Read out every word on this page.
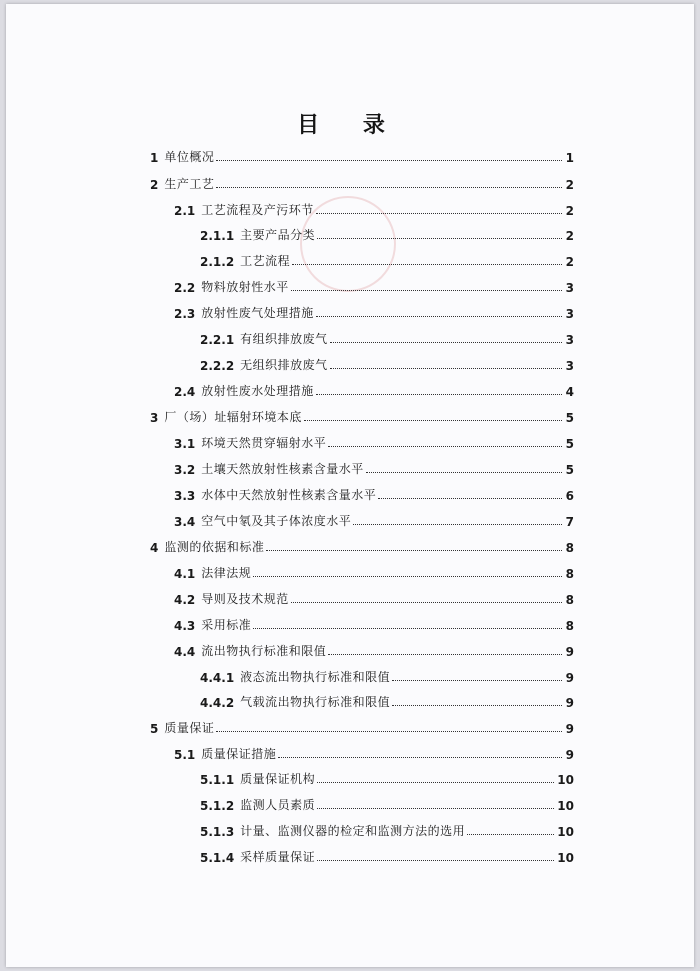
目 录
1 单位概况	1
2 生产工艺	2
2.1 工艺流程及产污环节	2
2.1.1 主要产品分类	2
2.1.2 工艺流程	2
2.2 物料放射性水平	3
2.3 放射性废气处理措施	3
2.2.1 有组织排放废气	3
2.2.2 无组织排放废气	3
2.4 放射性废水处理措施	4
3 厂（场）址辐射环境本底	5
3.1 环境天然贯穿辐射水平	5
3.2 土壤天然放射性核素含量水平	5
3.3 水体中天然放射性核素含量水平	6
3.4 空气中氡及其子体浓度水平	7
4 监测的依据和标准	8
4.1 法律法规	8
4.2 导则及技术规范	8
4.3 采用标准	8
4.4 流出物执行标准和限值	9
4.4.1 液态流出物执行标准和限值	9
4.4.2 气载流出物执行标准和限值	9
5 质量保证	9
5.1 质量保证措施	9
5.1.1 质量保证机构	10
5.1.2 监测人员素质	10
5.1.3 计量、监测仪器的检定和监测方法的选用	10
5.1.4 采样质量保证	10
